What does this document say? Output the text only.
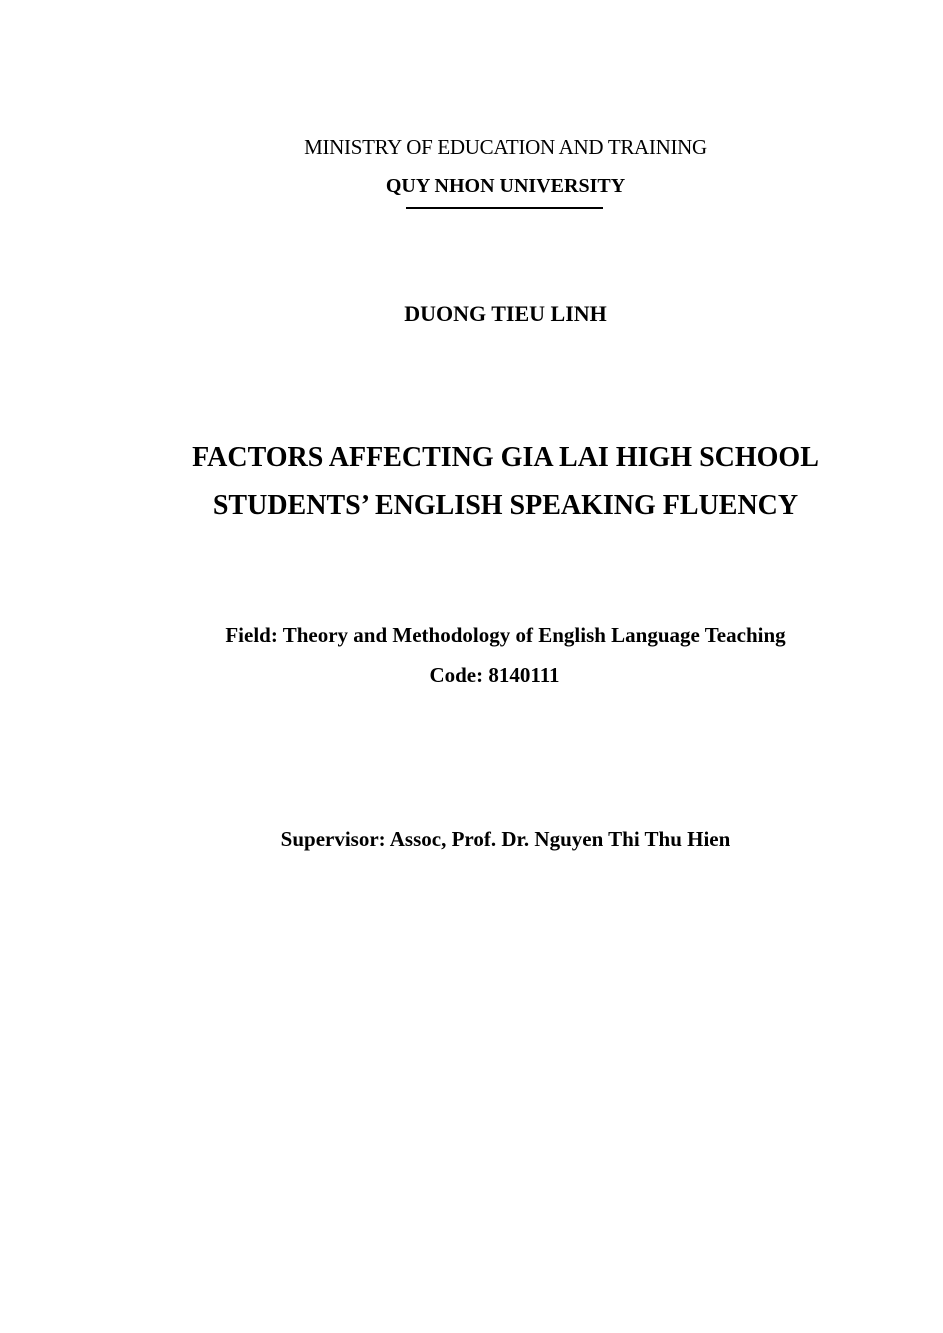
MINISTRY OF EDUCATION AND TRAINING
QUY NHON UNIVERSITY
DUONG TIEU LINH
FACTORS AFFECTING GIA LAI HIGH SCHOOL
STUDENTS’ ENGLISH SPEAKING FLUENCY
Field: Theory and Methodology of English Language Teaching
Code: 8140111
Supervisor: Assoc, Prof. Dr. Nguyen Thi Thu Hien
